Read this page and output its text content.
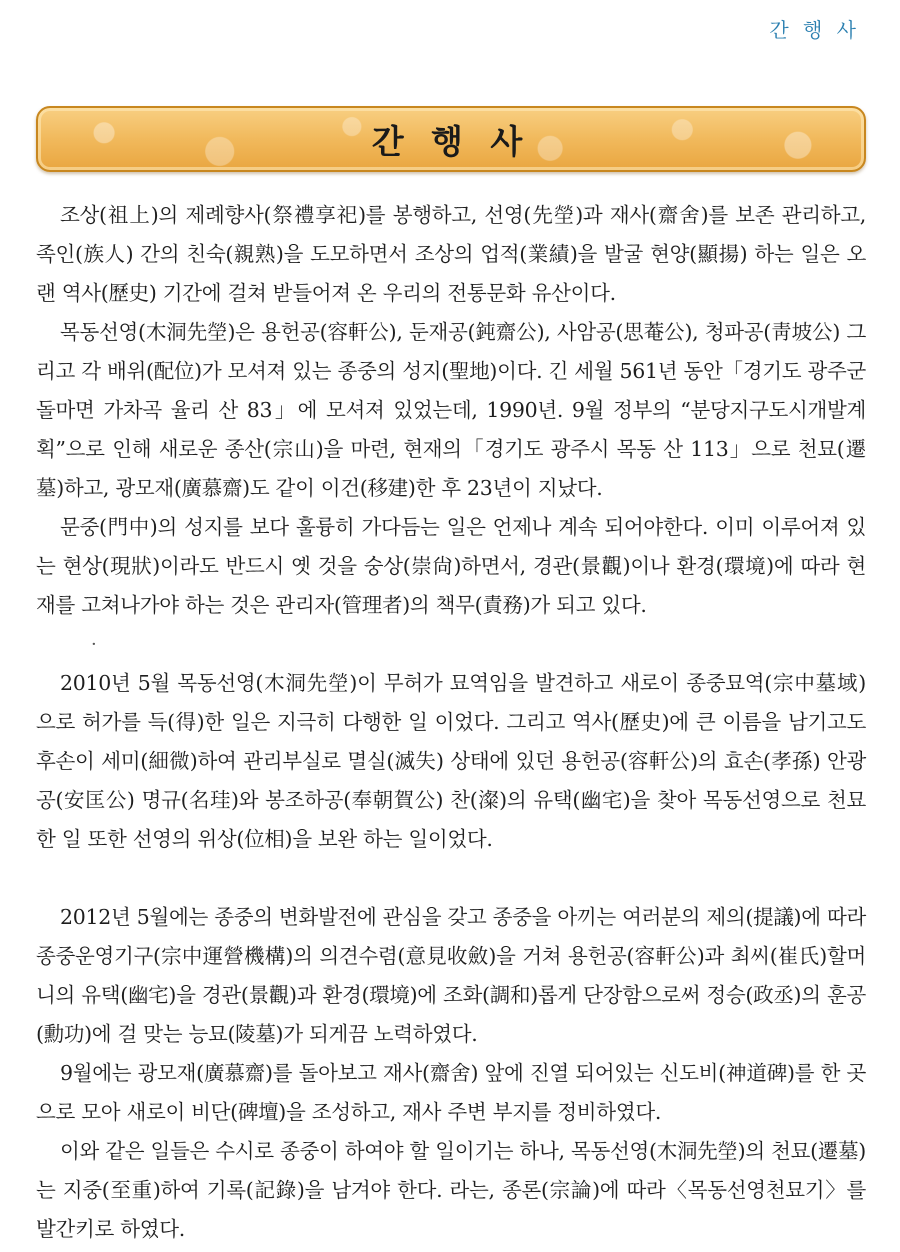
간 행 사
간 행 사

조상(祖上)의 제례향사(祭禮享祀)를 봉행하고, 선영(先塋)과 재사(齋舍)를 보존 관리하고, 족인(族人) 간의 친숙(親熟)을 도모하면서 조상의 업적(業績)을 발굴 현양(顯揚) 하는 일은 오랜 역사(歷史) 기간에 걸쳐 받들어져 온 우리의 전통문화 유산이다.

목동선영(木洞先塋)은 용헌공(容軒公), 둔재공(鈍齋公), 사암공(思菴公), 청파공(靑坡公) 그리고 각 배위(配位)가 모셔져 있는 종중의 성지(聖地)이다. 긴 세월 561년 동안「경기도 광주군 돌마면 가차곡 율리 산 83」에 모셔져 있었는데, 1990년. 9월 정부의 “분당지구도시개발계획”으로 인해 새로운 종산(宗山)을 마련, 현재의「경기도 광주시 목동 산 113」으로 천묘(遷墓)하고, 광모재(廣慕齋)도 같이 이건(移建)한 후 23년이 지났다.

문중(門中)의 성지를 보다 훌륭히 가다듬는 일은 언제나 계속 되어야한다. 이미 이루어져 있는 현상(現狀)이라도 반드시 옛 것을 숭상(崇尙)하면서, 경관(景觀)이나 환경(環境)에 따라 현재를 고쳐나가야 하는 것은 관리자(管理者)의 책무(責務)가 되고 있다.

·

2010년 5월 목동선영(木洞先塋)이 무허가 묘역임을 발견하고 새로이 종중묘역(宗中墓域)으로 허가를 득(得)한 일은 지극히 다행한 일 이었다. 그리고 역사(歷史)에 큰 이름을 남기고도 후손이 세미(細微)하여 관리부실로 멸실(滅失) 상태에 있던 용헌공(容軒公)의 효손(孝孫) 안광공(安匡公) 명규(名珪)와 봉조하공(奉朝賀公) 찬(澯)의 유택(幽宅)을 찾아 목동선영으로 천묘한 일 또한 선영의 위상(位相)을 보완 하는 일이었다.

2012년 5월에는 종중의 변화발전에 관심을 갖고 종중을 아끼는 여러분의 제의(提議)에 따라 종중운영기구(宗中運營機構)의 의견수렴(意見收斂)을 거쳐 용헌공(容軒公)과 최씨(崔氏)할머니의 유택(幽宅)을 경관(景觀)과 환경(環境)에 조화(調和)롭게 단장함으로써 정승(政丞)의 훈공(勳功)에 걸 맞는 능묘(陵墓)가 되게끔 노력하였다.

9월에는 광모재(廣慕齋)를 돌아보고 재사(齋舍) 앞에 진열 되어있는 신도비(神道碑)를 한 곳으로 모아 새로이 비단(碑壇)을 조성하고, 재사 주변 부지를 정비하였다.

이와 같은 일들은 수시로 종중이 하여야 할 일이기는 하나, 목동선영(木洞先塋)의 천묘(遷墓)는 지중(至重)하여 기록(記錄)을 남겨야 한다. 라는, 종론(宗論)에 따라〈목동선영천묘기〉를 발간키로 하였다.
